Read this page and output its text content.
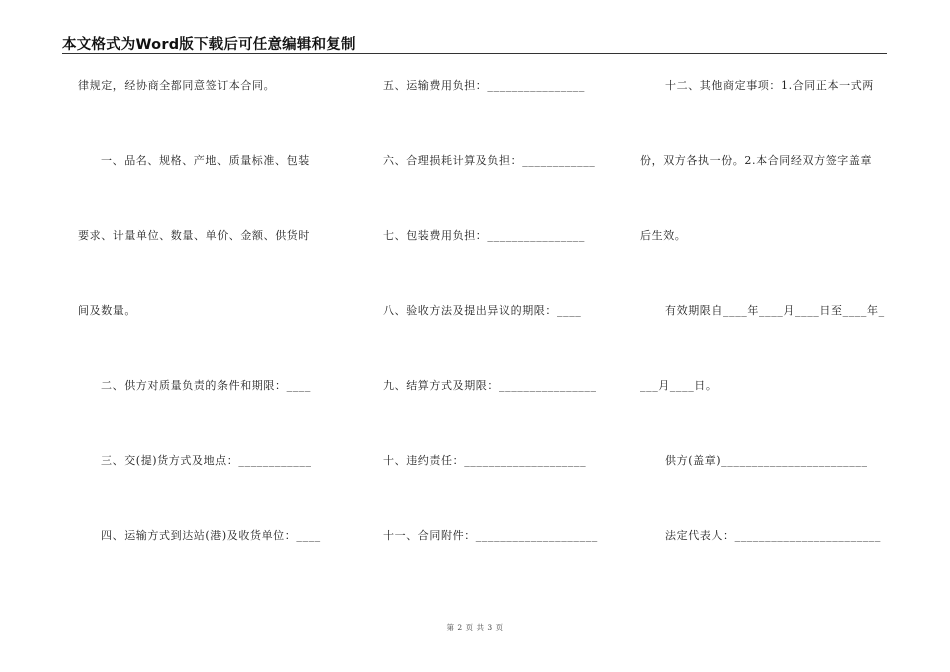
本文格式为Word版下载后可任意编辑和复制
律规定，经协商全都同意签订本合同。
一、品名、规格、产地、质量标准、包装
要求、计量单位、数量、单价、金额、供货时
间及数量。
二、供方对质量负责的条件和期限：____
三、交(提)货方式及地点：____________
四、运输方式到达站(港)及收货单位：____
五、运输费用负担：________________
六、合理损耗计算及负担：____________
七、包装费用负担：________________
八、验收方法及提出异议的期限：____
九、结算方式及期限：________________
十、违约责任：____________________
十一、合同附件：____________________
十二、其他商定事项：1.合同正本一式两
份，双方各执一份。2.本合同经双方签字盖章
后生效。
有效期限自____年____月____日至____年_
___月____日。
供方(盖章)________________________
法定代表人：________________________
第 2 页 共 3 页
